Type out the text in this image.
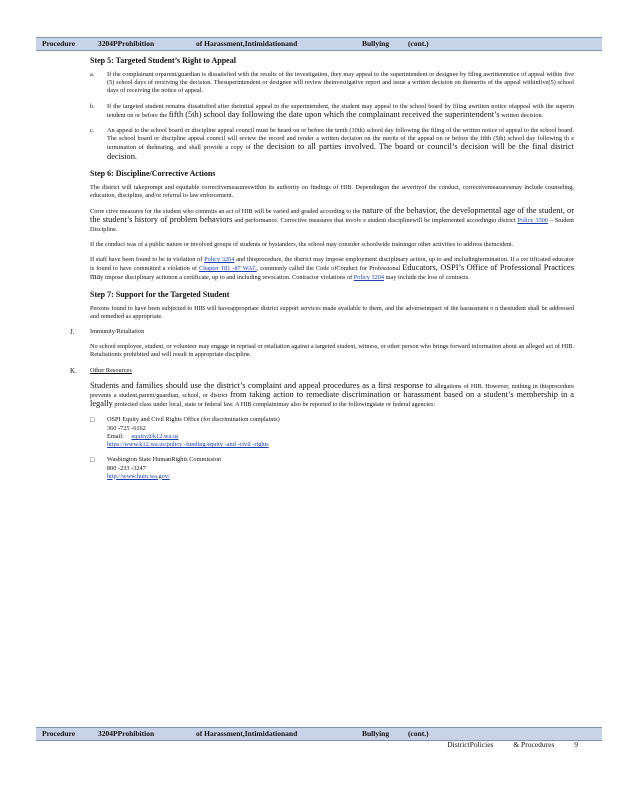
Procedure	3204PProhibition	of Harassment,Intimidationand	Bullying	(cont.)
Step 5: Targeted Student’s Right to Appeal
a. If the complainant orparent/guardian is dissatisfied with the results of the investigation, they may appeal to the superintendent or designee by filing awrittennotice of appeal within five (5) school days of receiving the decision. Thesuperintendent or designee will review theinvestigative report and issue a written decision on themerits of the appeal withinfive(5) school days of receiving the notice of appeal.
b. If the targeted student remains dissatisfied after theinitial appeal to the superintendent, the student may appeal to the school board by filing awritten notice ofappeal with the superin tendent on or before the fifth (5th) school day following the date upon which the complainant received the superintendent’s written decision.
c. An appeal to the school board or discipline appeal council must be heard on or before the tenth (10th) school day following the filing of the written notice of appeal to the school board. The school board or discipline appeal council will review the record and render a written decision on the merits of the appeal on or before the fifth (5th) school day following th e termination of thehearing, and shall provide a copy of the decision to all parties involved. The board or council’s decision will be the final district decision.
Step 6: Discipline/Corrective Actions
The district will takeprompt and equitable correctivemeasureswithin its authority on findings of HIB. Dependingon the severityof the conduct, correctivemeasuresmay include counseling, education, discipline, and/or referral to law enforcement.
Corre ctive measures for the student who commits an act of HIB will be varied and graded according to the nature of the behavior, the developmental age of the student, or the student’s history of problem behaviors and performance. Corrective measures that involv e student disciplinewill be implemented accordingto district Policy 3300 – Student Discipline.
If the conduct was of a public nature or involved groups of students or bystanders, the school may consider schoolwide trainingor other activities to address theincident.
If staff have been found to be in violation of Policy 3204 and thisprocedure, the district may impose employment disciplinary action, up to and includingtermination. If a cer tificated educator is found to have committed a violation of Chapter 181 -87 WAC, commonly called the Code ofConduct for Professional Educators, OSPI’s Office of Professional Practices may impose disciplinary actionon a certificate, up to and including revocation. Contractor violations of Policy 3204 may include the loss of contracts.
Step 7: Support for the Targeted Student
Persons found to have been subjected to HIB will haveappropriate district support services made available to them, and the adverseimpact of the harassment o n thestudent shall be addressed and remedied as appropriate.
J. Immunity/Retaliation
No school employee, student, or volunteer may engage in reprisal or retaliation against a targeted student, witness, or other person who brings forward information about an alleged act of HIB. Retaliationis prohibited and will result in appropriate discipline.
K. Other Resources
Students and families should use the district’s complaint and appeal procedures as a first response to allegations of HIB. However, nothing in thisprocedure prevents a student,parent/guardian, school, or district from taking action to remediate discrimination or harassment based on a student’s membership in a legally protected class under local, state or federal law. A HIB complaintmay also be reported to the followingstate or federal agencies:
□ OSPI Equity and Civil Rights Office (for discrimination complaints)
360 -725 -6162
Email: equity@k12.wa.us
https://www.k12.wa.us/policy -funding/equity -and -civil -rights
□ Washington State HumanRights Commission
800 -233 -3247
http://www.hum.wa.gov/
Procedure	3204PProhibition	of Harassment,Intimidationand	Bullying	(cont.)
DistrictPolicies	& Procedures	9
